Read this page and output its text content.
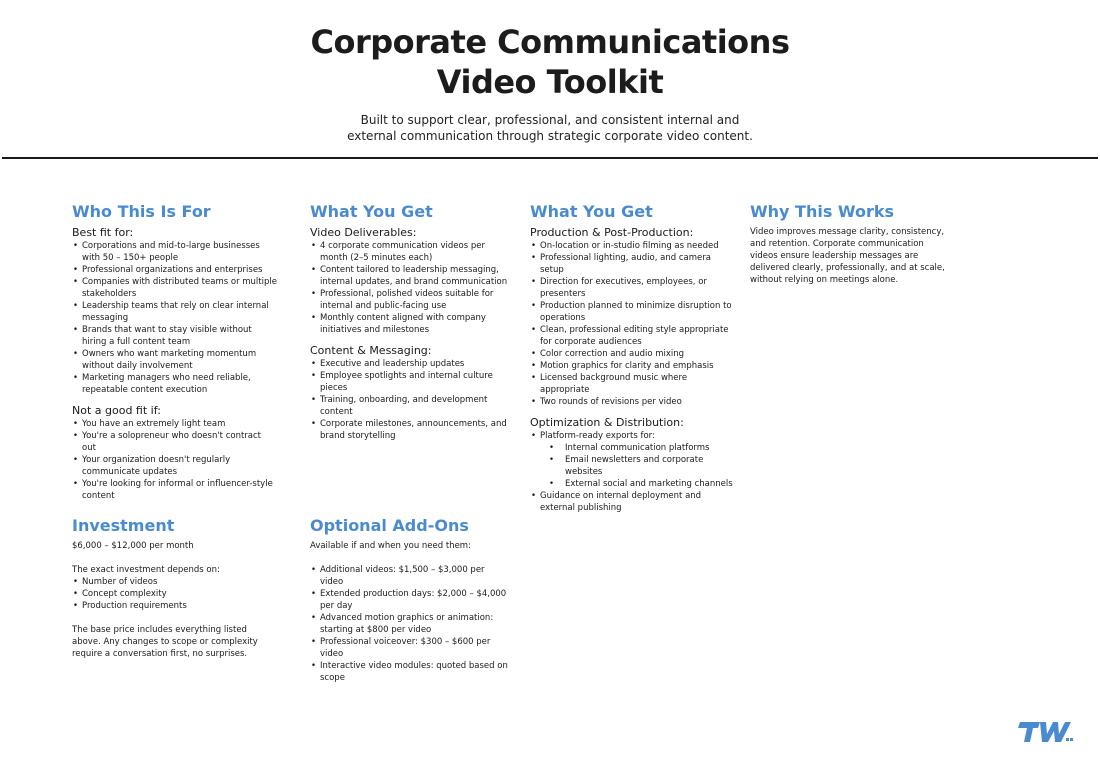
Corporate Communications
Video Toolkit
Built to support clear, professional, and consistent internal and
external communication through strategic corporate video content.
Who This Is For
Best fit for:
• Corporations and mid-to-large businesses with 50 – 150+ people
• Professional organizations and enterprises
• Companies with distributed teams or multiple stakeholders
• Leadership teams that rely on clear internal messaging
• Brands that want to stay visible without hiring a full content team
• Owners who want marketing momentum without daily involvement
• Marketing managers who need reliable, repeatable content execution
Not a good fit if:
• You have an extremely light team
• You're a solopreneur who doesn't contract out
• Your organization doesn't regularly communicate updates
• You're looking for informal or influencer-style content
What You Get
Video Deliverables:
• 4 corporate communication videos per month (2–5 minutes each)
• Content tailored to leadership messaging, internal updates, and brand communication
• Professional, polished videos suitable for internal and public-facing use
• Monthly content aligned with company initiatives and milestones
Content & Messaging:
• Executive and leadership updates
• Employee spotlights and internal culture pieces
• Training, onboarding, and development content
• Corporate milestones, announcements, and brand storytelling
What You Get
Production & Post-Production:
• On-location or in-studio filming as needed
• Professional lighting, audio, and camera setup
• Direction for executives, employees, or presenters
• Production planned to minimize disruption to operations
• Clean, professional editing style appropriate for corporate audiences
• Color correction and audio mixing
• Motion graphics for clarity and emphasis
• Licensed background music where appropriate
• Two rounds of revisions per video
Optimization & Distribution:
• Platform-ready exports for:
• Internal communication platforms
• Email newsletters and corporate websites
• External social and marketing channels
• Guidance on internal deployment and external publishing
Why This Works

Video improves message clarity, consistency, and retention. Corporate communication videos ensure leadership messages are delivered clearly, professionally, and at scale, without relying on meetings alone.

Investment

$6,000 – $12,000 per month

The exact investment depends on:

• Number of videos
• Concept complexity
• Production requirements

The base price includes everything listed above. Any changes to scope or complexity require a conversation first, no surprises.

Optional Add-Ons

Available if and when you need them:

• Additional videos: $1,500 – $3,000 per video
• Extended production days: $2,000 – $4,000 per day
• Advanced motion graphics or animation: starting at $800 per video
• Professional voiceover: $300 – $600 per video
• Interactive video modules: quoted based on scope
